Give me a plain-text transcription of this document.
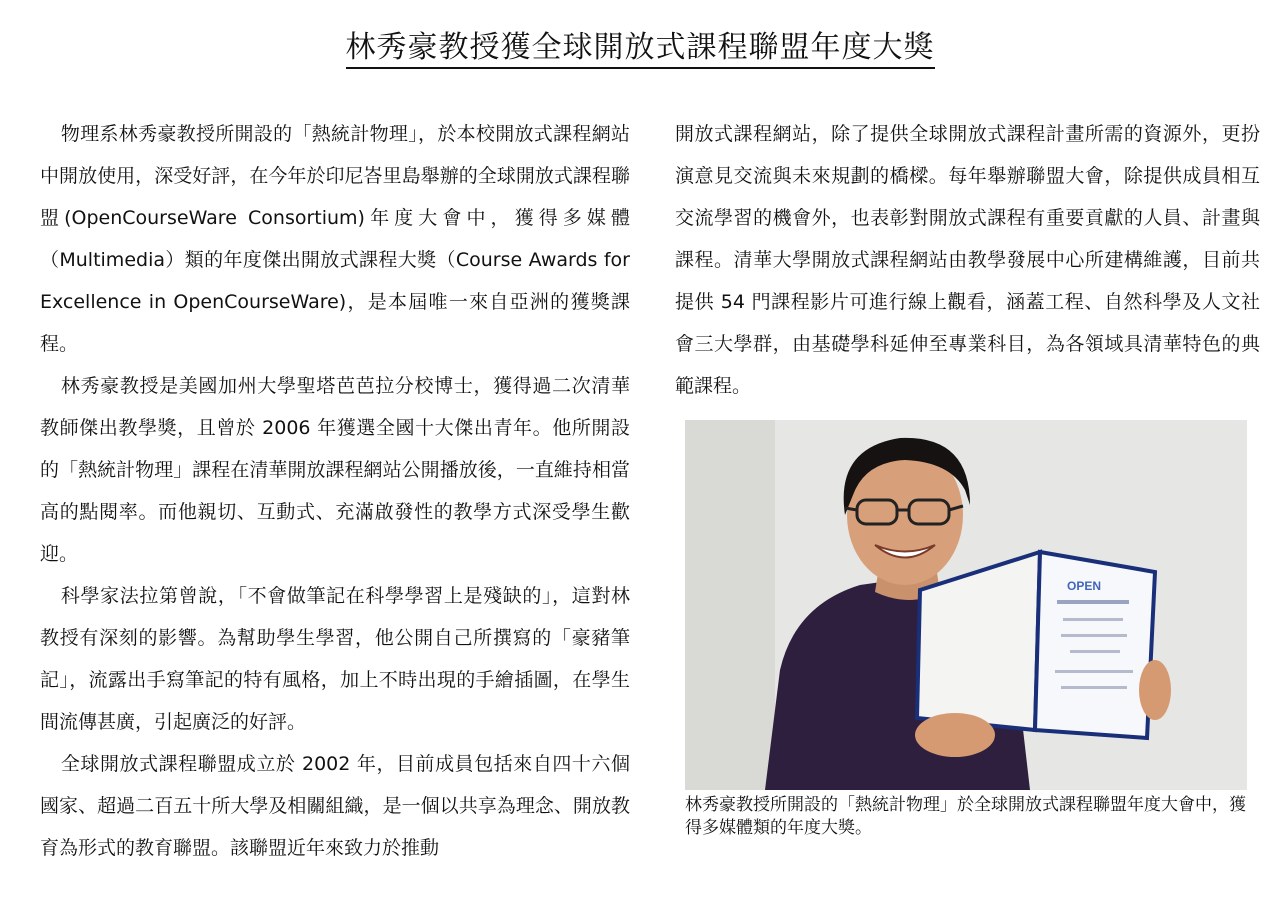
林秀豪教授獲全球開放式課程聯盟年度大獎

物理系林秀豪教授所開設的「熱統計物理」，於本校開放式課程網站中開放使用，深受好評，在今年於印尼峇里島舉辦的全球開放式課程聯盟(OpenCourseWare Consortium)年度大會中，獲得多媒體（Multimedia）類的年度傑出開放式課程大獎（Course Awards for Excellence in OpenCourseWare)，是本屆唯一來自亞洲的獲獎課程。

林秀豪教授是美國加州大學聖塔芭芭拉分校博士，獲得過二次清華教師傑出教學獎，且曾於 2006 年獲選全國十大傑出青年。他所開設的「熱統計物理」課程在清華開放課程網站公開播放後，一直維持相當高的點閱率。而他親切、互動式、充滿啟發性的教學方式深受學生歡迎。

科學家法拉第曾說，「不會做筆記在科學學習上是殘缺的」，這對林教授有深刻的影響。為幫助學生學習，他公開自己所撰寫的「豪豬筆記」，流露出手寫筆記的特有風格，加上不時出現的手繪插圖，在學生間流傳甚廣，引起廣泛的好評。

全球開放式課程聯盟成立於 2002 年，目前成員包括來自四十六個國家、超過二百五十所大學及相關組織，是一個以共享為理念、開放教育為形式的教育聯盟。該聯盟近年來致力於推動

開放式課程網站，除了提供全球開放式課程計畫所需的資源外，更扮演意見交流與未來規劃的橋樑。每年舉辦聯盟大會，除提供成員相互交流學習的機會外，也表彰對開放式課程有重要貢獻的人員、計畫與課程。清華大學開放式課程網站由教學發展中心所建構維護，目前共提供 54 門課程影片可進行線上觀看，涵蓋工程、自然科學及人文社會三大學群，由基礎學科延伸至專業科目，為各領域具清華特色的典範課程。

OPEN
林秀豪教授所開設的「熱統計物理」於全球開放式課程聯盟年度大會中，獲得多媒體類的年度大獎。
